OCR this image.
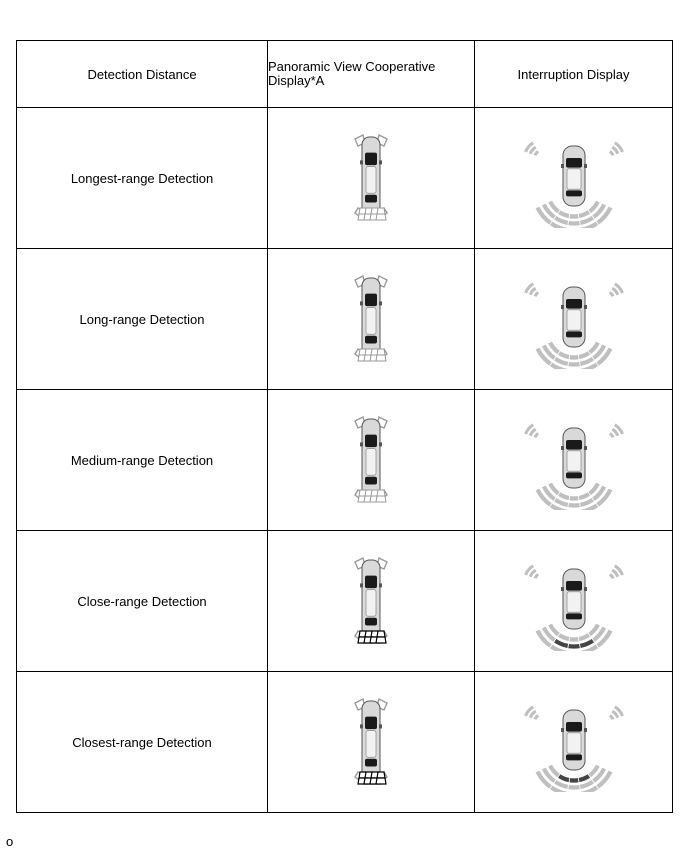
Detection Distance	Panoramic View Cooperative Display*A	Interruption Display
Longest-range Detection	

Long-range Detection	

Medium-range Detection	

Close-range Detection	

Closest-range Detection	

o
